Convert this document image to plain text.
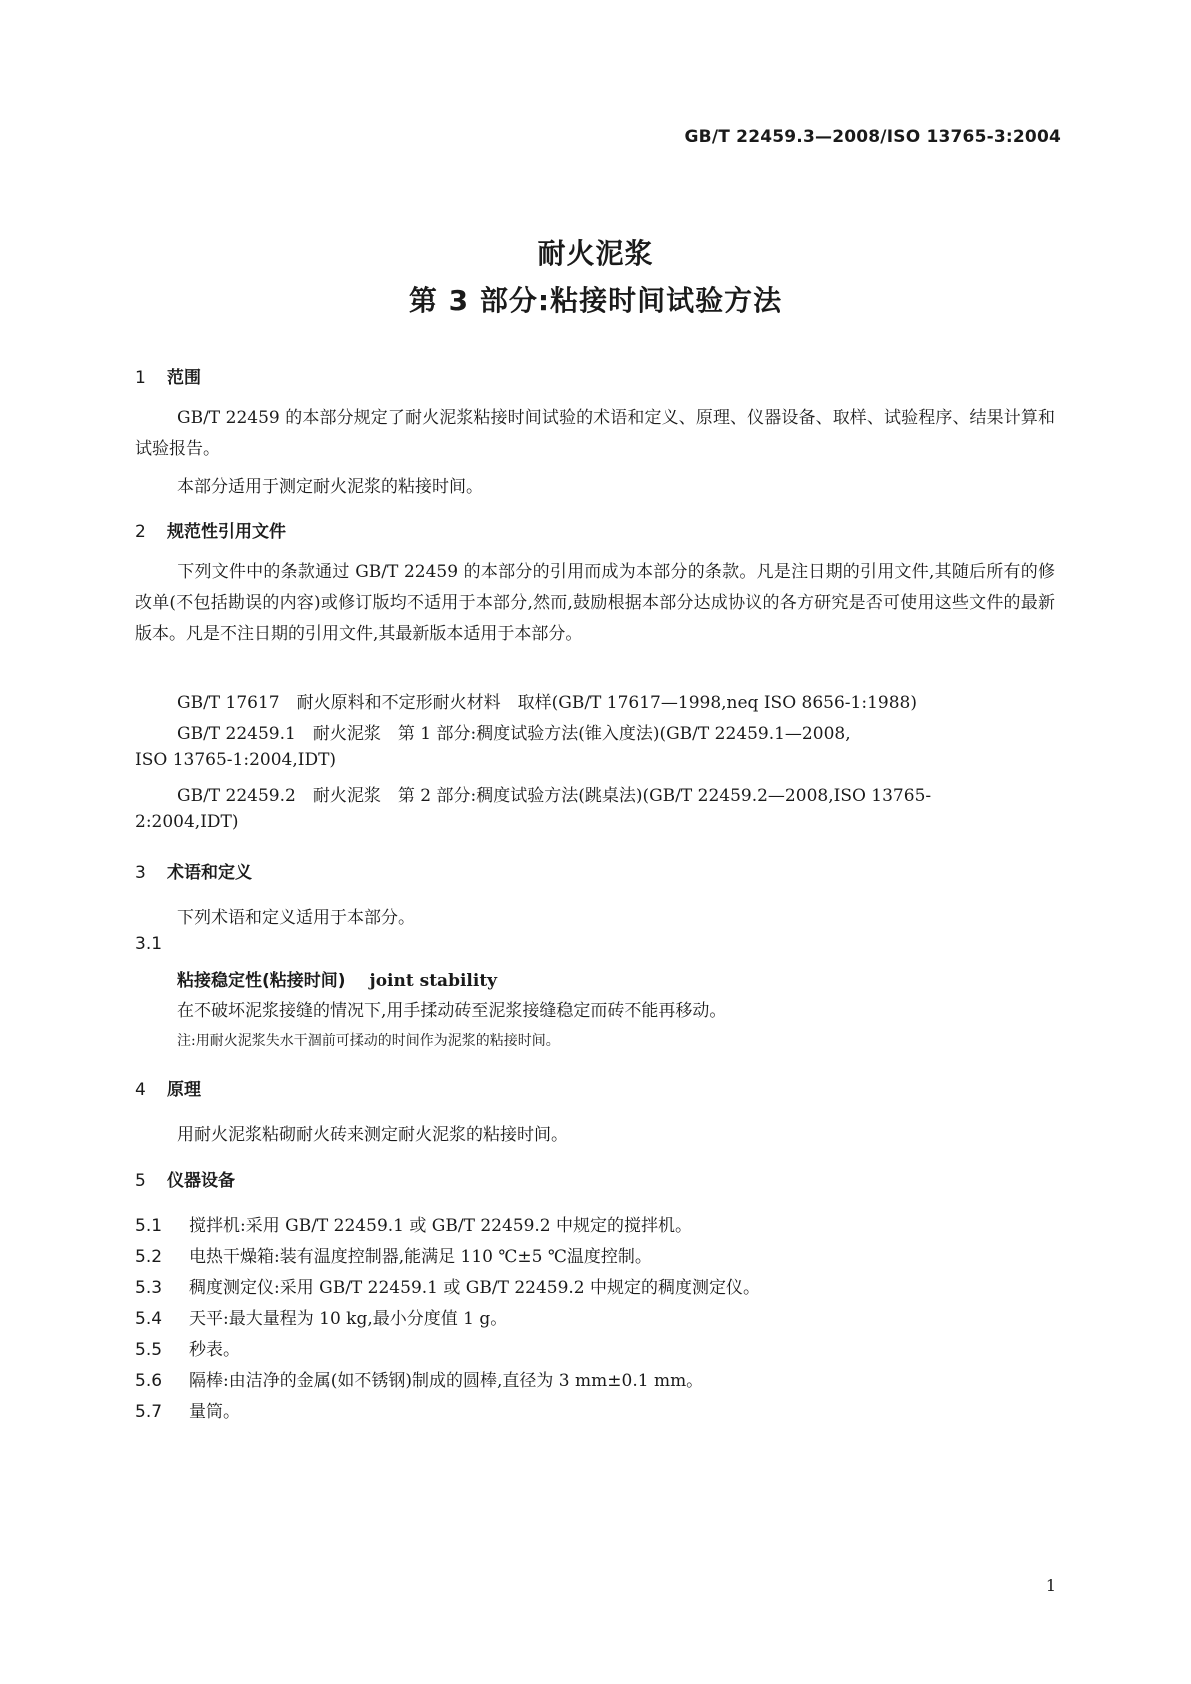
GB/T 22459.3—2008/ISO 13765-3:2004
耐火泥浆
第 3 部分:粘接时间试验方法
1 范围
GB/T 22459 的本部分规定了耐火泥浆粘接时间试验的术语和定义、原理、仪器设备、取样、试验程序、结果计算和试验报告。
本部分适用于测定耐火泥浆的粘接时间。
2 规范性引用文件
下列文件中的条款通过 GB/T 22459 的本部分的引用而成为本部分的条款。凡是注日期的引用文件,其随后所有的修改单(不包括勘误的内容)或修订版均不适用于本部分,然而,鼓励根据本部分达成协议的各方研究是否可使用这些文件的最新版本。凡是不注日期的引用文件,其最新版本适用于本部分。
GB/T 17617　耐火原料和不定形耐火材料　取样(GB/T 17617—1998,neq ISO 8656-1:1988)
GB/T 22459.1　耐火泥浆　第 1 部分:稠度试验方法(锥入度法)(GB/T 22459.1—2008,
ISO 13765-1:2004,IDT)
GB/T 22459.2　耐火泥浆　第 2 部分:稠度试验方法(跳桌法)(GB/T 22459.2—2008,ISO 13765-
2:2004,IDT)
3 术语和定义
下列术语和定义适用于本部分。
3.1
粘接稳定性(粘接时间) joint stability
在不破坏泥浆接缝的情况下,用手揉动砖至泥浆接缝稳定而砖不能再移动。
注:用耐火泥浆失水干涸前可揉动的时间作为泥浆的粘接时间。
4 原理
用耐火泥浆粘砌耐火砖来测定耐火泥浆的粘接时间。
5 仪器设备
5.1 搅拌机:采用 GB/T 22459.1 或 GB/T 22459.2 中规定的搅拌机。
5.2 电热干燥箱:装有温度控制器,能满足 110 ℃±5 ℃温度控制。
5.3 稠度测定仪:采用 GB/T 22459.1 或 GB/T 22459.2 中规定的稠度测定仪。
5.4 天平:最大量程为 10 kg,最小分度值 1 g。
5.5 秒表。
5.6 隔棒:由洁净的金属(如不锈钢)制成的圆棒,直径为 3 mm±0.1 mm。
5.7 量筒。
1
